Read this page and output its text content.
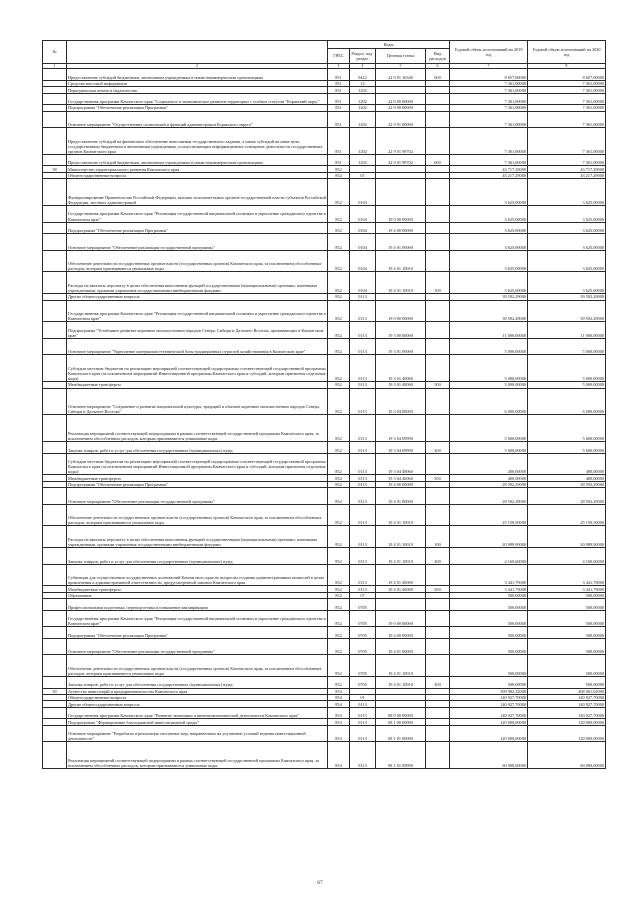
№		Коды				Годовой объем ассигнований на 2019 год	Годовой объем ассигнований на 2020 год
		ГРБС	Раздел, под-раздел	Целевая статья	Вид расходов		
1	2	3	4	5	6	7	8
	Предоставление субсидий бюджетным, автономным учреждениям и иным некоммерческим организациям	851	0412	22 9 01 16340	600	8 657,00000	8 657,00000
	Средства массовой информации	851	12			7 361,00000	7 361,00000
	Периодическая печать и издательства	851	1202			7 361,00000	7 361,00000
	Государственная программа Камчатского края "Социальное и экономическое развитие территории с особым статусом "Корякский округ"	851	1202	22 0 00 00000		7 361,00000	7 361,00000
	Подпрограмма "Обеспечение реализации Программы"	851	1202	22 9 00 00000		7 361,00000	7 361,00000
	Основное мероприятие "Осуществление полномочий и функций администрации Корякского округа"	851	1202	22 9 01 00000		7 361,00000	7 361,00000
	Предоставление субсидий на финансовое обеспечение выполнения государственного задания, а также субсидий на иные цели государственным бюджетным и автономным учреждениям, осуществляющим информационное освещение деятельности государственных органов Камчатского края	851	1202	22 9 01 98702		7 361,00000	7 361,00000
	Предоставление субсидий бюджетным, автономным учреждениям и иным некоммерческим организациям	851	1202	22 9 01 98702	600	7 361,00000	7 361,00000
38	Министерство территориального развития Камчатского края	852				43 717,29000	43 717,29000
	Общегосударственные вопросы	852	01			43 217,29000	43 217,29000
	Функционирование Правительства Российской Федерации, высших исполнительных органов государственной власти субъектов Российской Федерации, местных администраций	852	0104			3 625,00000	3 625,00000
	Государственная программа Камчатского края "Реализация государственной национальной политики и укрепление гражданского единства в Камчатском крае"	852	0104	19 0 00 00000		3 625,00000	3 625,00000
	Подпрограмма "Обеспечение реализации Программы"	852	0104	19 4 00 00000		3 625,00000	3 625,00000
	Основное мероприятие "Обеспечение реализации государственной программы"	852	0104	19 4 01 00000		3 625,00000	3 625,00000
	Обеспечение деятельности государственных органов власти (государственных органов) Камчатского края, за исключением обособленных расходов, которым присваиваются уникальные коды	852	0104	19 4 01 10010		3 625,00000	3 625,00000
	Расходы на выплаты персоналу в целях обеспечения выполнения функций государственными (муниципальными) органами, казенными учреждениями, органами управления государственными внебюджетными фондами	852	0104	19 4 01 10010	100	3 625,00000	3 625,00000
	Другие общегосударственные вопросы	852	0113			39 592,29000	39 592,29000
	Государственная программа Камчатского края "Реализация государственной национальной политики и укрепление гражданского единства в Камчатском крае"	852	0113	19 0 00 00000		39 592,29000	39 592,29000
	Подпрограмма "Устойчивое развитие коренных малочисленных народов Севера, Сибири и Дальнего Востока, проживающих в Камчатском крае"	852	0113	19 3 00 00000		11 000,00000	11 000,00000
	Основное мероприятие "Укрепление материально-технической базы традиционных отраслей хозяйствования в Камчатском крае"	852	0113	19 3 01 00000		5 000,00000	5 000,00000
	Субсидии местным бюджетам на реализацию мероприятий соответствующей подпрограммы соответствующей государственной программы Камчатского края (за исключением мероприятий Инвестиционной программы Камчатского края и субсидий, которым присвоены отдельные коды)	852	0113	19 3 01 40060		5 000,00000	5 000,00000
	Межбюджетные трансферты	852	0113	19 3 01 40060	500	5 000,00000	5 000,00000
	Основное мероприятие "Сохранение и развитие национальной культуры, традиций и обычаев коренных малочисленных народов Севера, Сибири и Дальнего Востока"	852	0113	19 3 04 00000		6 000,00000	6 000,00000
	Реализация мероприятий соответствующей подпрограммы в рамках соответствующей государственной программы Камчатского края, за исключением обособленных расходов, которым присваиваются уникальные коды	852	0113	19 3 04 09990		5 600,00000	5 600,00000
	Закупка товаров, работ и услуг для обеспечения государственных (муниципальных) нужд	852	0113	19 3 04 09990	200	5 600,00000	5 600,00000
	Субсидии местным бюджетам на реализацию мероприятий соответствующей подпрограммы соответствующей государственной программы Камчатского края (за исключением мероприятий Инвестиционной программы Камчатского края и субсидий, которым присвоены отдельные коды)	852	0113	19 3 04 40060		400,00000	400,00000
	Межбюджетные трансферты	852	0113	19 3 04 40060	500	400,00000	400,00000
	Подпрограмма "Обеспечение реализации Программы"	852	0113	19 4 00 00000		28 592,29000	28 592,29000
	Основное мероприятие "Обеспечение реализации государственной программы"	852	0113	19 4 01 00000		28 592,29000	28 592,29000
	Обеспечение деятельности государственных органов власти (государственных органов) Камчатского края, за исключением обособленных расходов, которым присваиваются уникальные коды	852	0113	19 4 01 10010		25 150,50000	25 150,50000
	Расходы на выплаты персоналу в целях обеспечения выполнения функций государственными (муниципальными) органами, казенными учреждениями, органами управления государственными внебюджетными фондами	852	0113	19 4 01 10010	100	20 989,90000	20 989,90000
	Закупка товаров, работ и услуг для обеспечения государственных (муниципальных) нужд	852	0113	19 4 01 10010	200	4 160,60000	4 160,60000
	Субвенции для осуществления государственных полномочий Камчатского края по вопросам создания административных комиссий в целях привлечения к административной ответственности, предусмотренной законом Камчатского края	852	0113	19 4 01 40080		3 441,79000	3 441,79000
	Межбюджетные трансферты	852	0113	19 4 01 40080	500	3 441,79000	3 441,79000
	Образование	852	07			500,00000	500,00000
	Профессиональная подготовка, переподготовка и повышение квалификации	852	0705			500,00000	500,00000
	Государственная программа Камчатского края "Реализация государственной национальной политики и укрепление гражданского единства в Камчатском крае"	852	0705	19 0 00 00000		500,00000	500,00000
	Подпрограмма "Обеспечение реализации Программы"	852	0705	19 4 00 00000		500,00000	500,00000
	Основное мероприятие "Обеспечение реализации государственной программы"	852	0705	19 4 01 00000		500,00000	500,00000
	Обеспечение деятельности государственных органов власти (государственных органов) Камчатского края, за исключением обособленных расходов, которым присваиваются уникальные коды	852	0705	19 4 01 10010		500,00000	500,00000
	Закупка товаров, работ и услуг для обеспечения государственных (муниципальных) нужд	852	0705	19 4 01 10010	200	500,00000	500,00000
39	Агентство инвестиций и предпринимательства Камчатского края	854				399 982,32000	408 061,02000
	Общегосударственные вопросы	854	01			140 927,70000	140 927,70000
	Другие общегосударственные вопросы	854	0113			140 927,70000	140 927,70000
	Государственная программа Камчатского края "Развитие экономики и внешнеэкономической деятельности Камчатского края"	854	0113	08 0 00 00000		140 927,70000	140 927,70000
	Подпрограмма "Формирование благоприятной инвестиционной среды"	854	0113	08 1 00 00000		120 000,00000	120 000,00000
	Основное мероприятие "Разработка и реализация системных мер, направленных на улучшение условий ведения инвестиционной деятельности"	854	0113	08 1 01 00000		120 000,00000	120 000,00000
	Реализация мероприятий соответствующей подпрограммы в рамках соответствующей государственной программы Камчатского края, за исключением обособленных расходов, которым присваиваются уникальные коды	854	0113	08 1 01 09990		60 000,00000	60 000,00000
67
